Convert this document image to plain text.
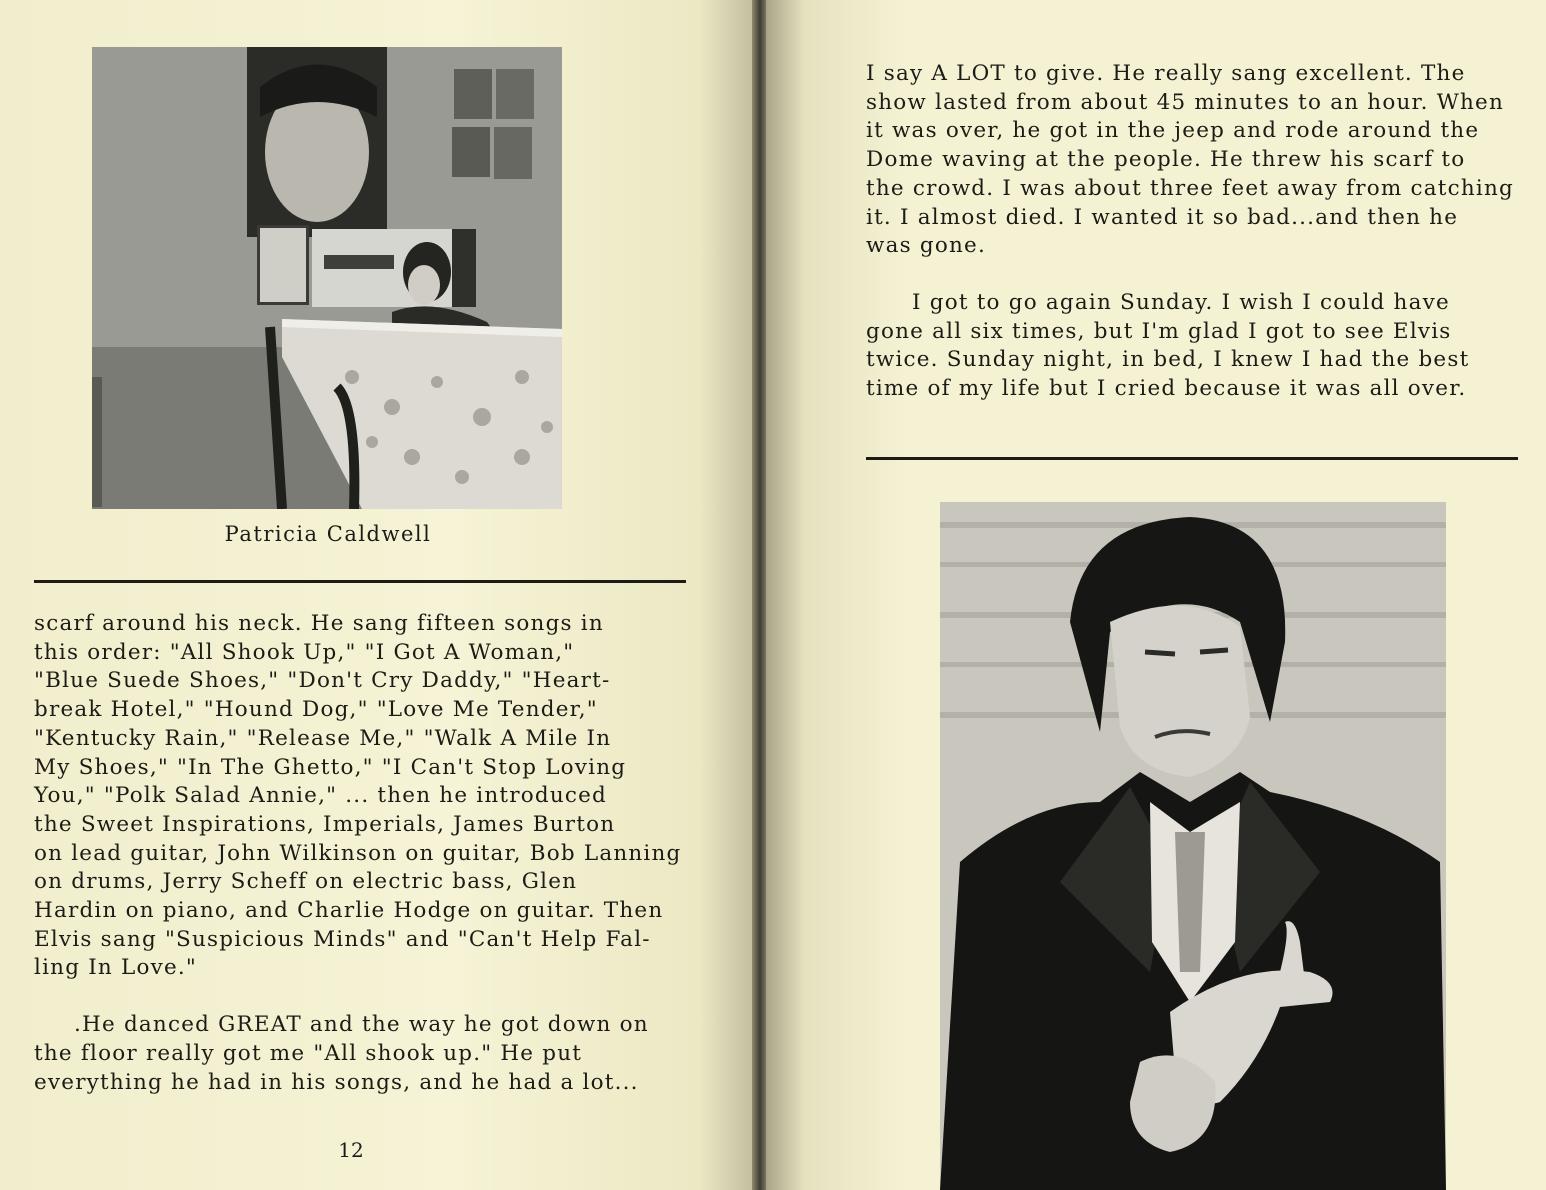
Patricia Caldwell

scarf around his neck. He sang fifteen songs in

this order: "All Shook Up," "I Got A Woman,"

"Blue Suede Shoes," "Don't Cry Daddy," "Heart-

break Hotel," "Hound Dog," "Love Me Tender,"

"Kentucky Rain," "Release Me," "Walk A Mile In

My Shoes," "In The Ghetto," "I Can't Stop Loving

You," "Polk Salad Annie," ... then he introduced

the Sweet Inspirations, Imperials, James Burton

on lead guitar, John Wilkinson on guitar, Bob Lanning

on drums, Jerry Scheff on electric bass, Glen

Hardin on piano, and Charlie Hodge on guitar. Then

Elvis sang "Suspicious Minds" and "Can't Help Fal-

ling In Love."

.He danced GREAT and the way he got down on

the floor really got me "All shook up." He put

everything he had in his songs, and he had a lot...

12

I say A LOT to give. He really sang excellent. The

show lasted from about 45 minutes to an hour. When

it was over, he got in the jeep and rode around the

Dome waving at the people. He threw his scarf to

the crowd. I was about three feet away from catching

it. I almost died. I wanted it so bad...and then he

was gone.

I got to go again Sunday. I wish I could have

gone all six times, but I'm glad I got to see Elvis

twice. Sunday night, in bed, I knew I had the best

time of my life but I cried because it was all over.
